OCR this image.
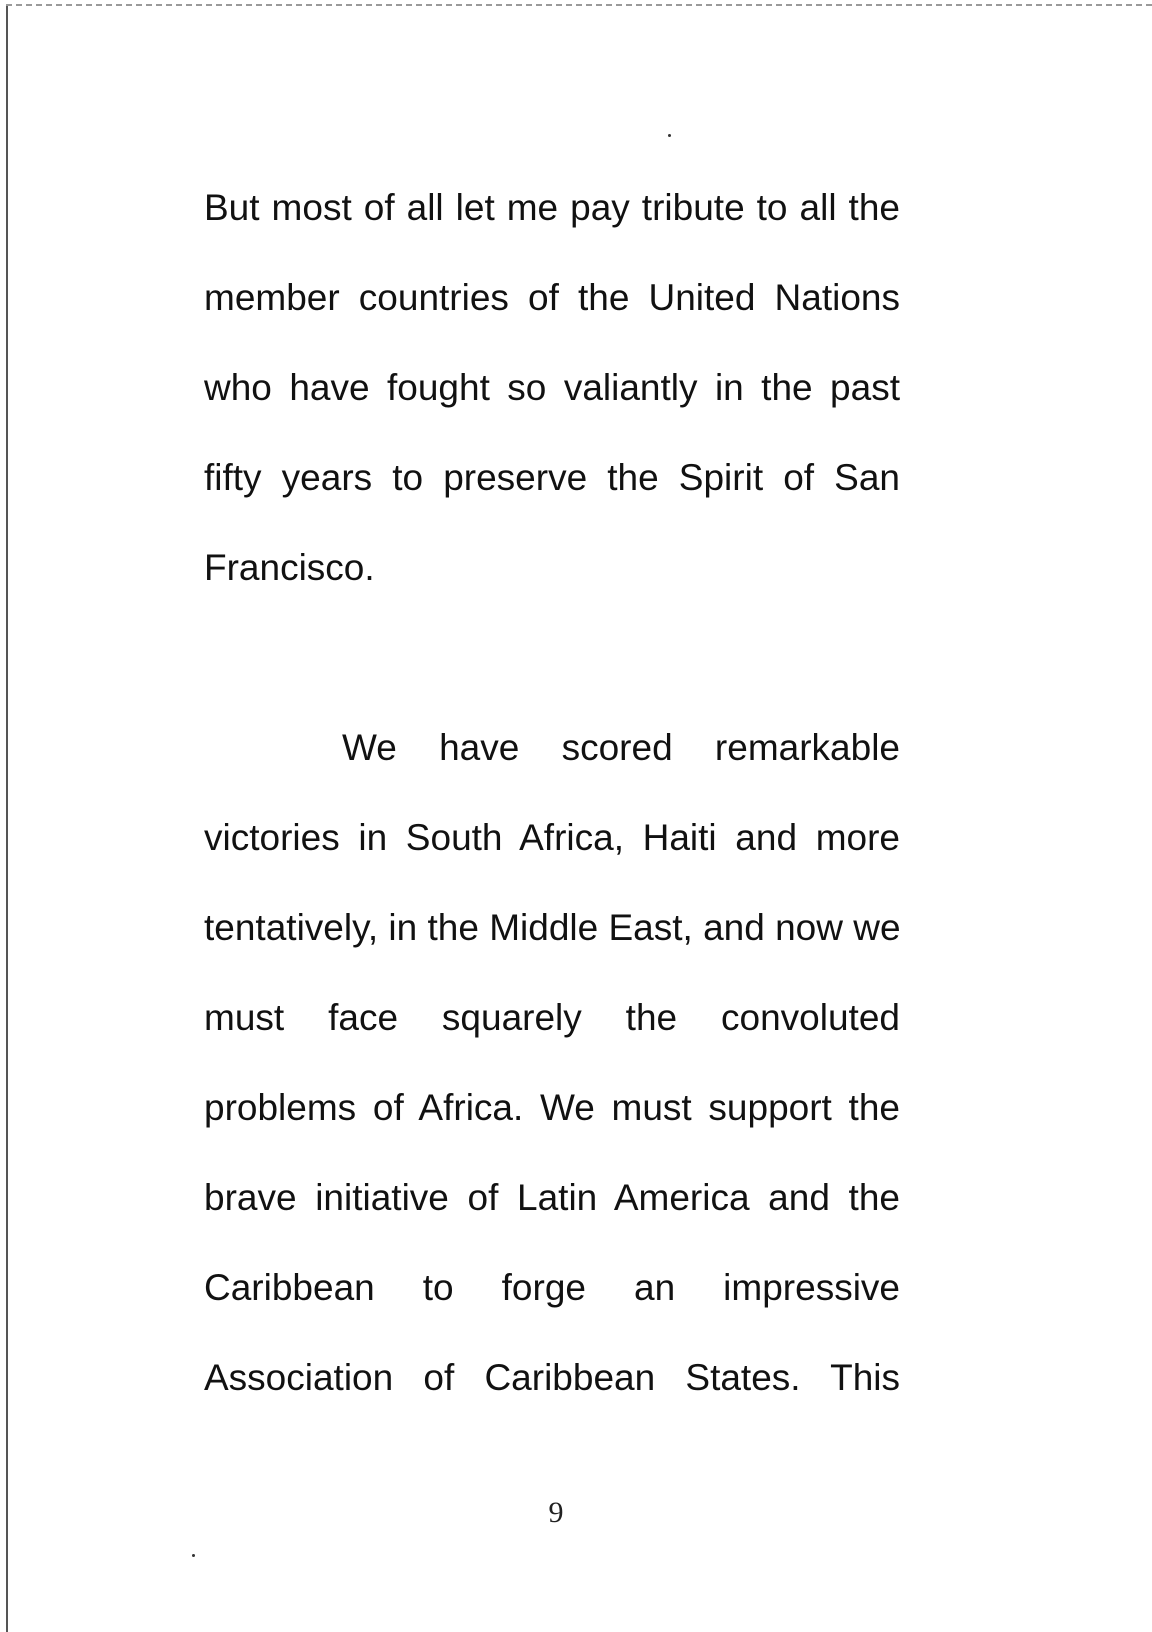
But most of all let me pay tribute to all the
member countries of the United Nations
who have fought so valiantly in the past
fifty years to preserve the Spirit of San
Francisco.
We have scored remarkable
victories in South Africa, Haiti and more
tentatively, in the Middle East, and now we
must face squarely the convoluted
problems of Africa. We must support the
brave initiative of Latin America and the
Caribbean to forge an impressive
Association of Caribbean States. This
9
